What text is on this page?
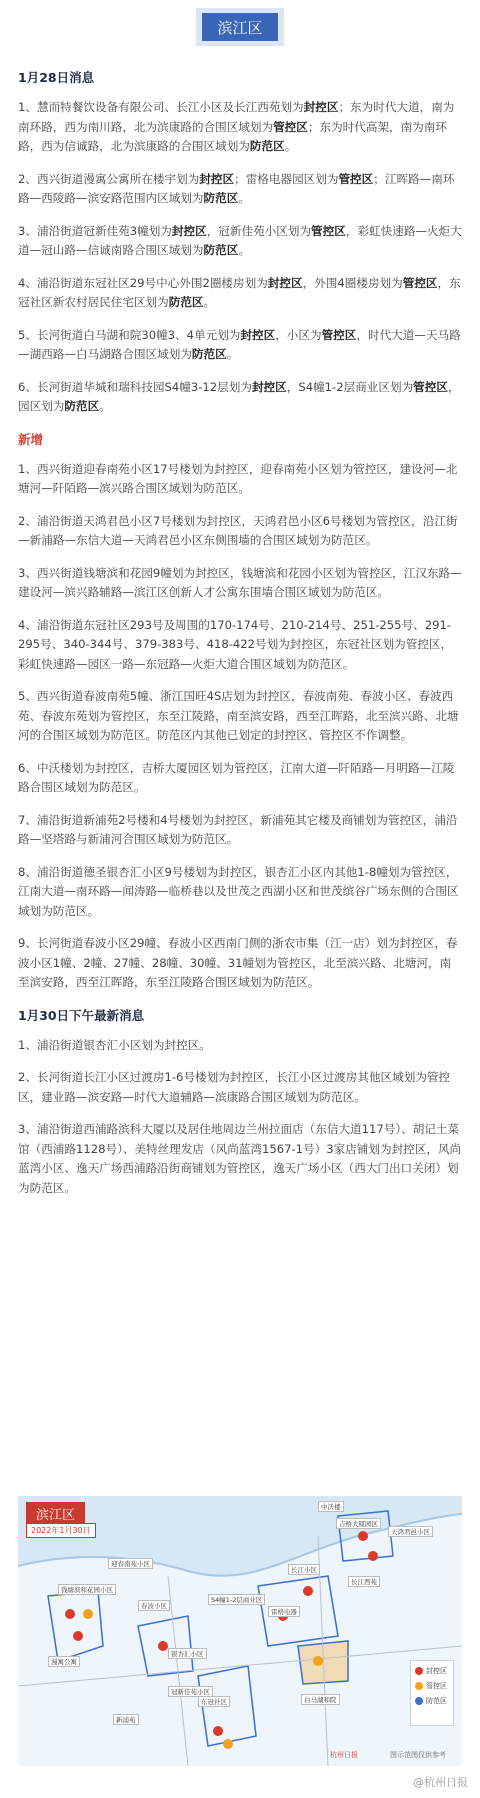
滨江区
1月28日消息

1、慧而特餐饮设备有限公司、长江小区及长江西苑划为封控区；东为时代大道，南为南环路，西为南川路，北为滨康路的合围区域划为管控区；东为时代高架，南为南环路，西为信诚路，北为滨康路的合围区域划为防范区。

2、西兴街道漫寓公寓所在楼宇划为封控区；雷格电器园区划为管控区；江晖路—南环路—西陵路—滨安路范围内区域划为防范区。

3、浦沿街道冠新佳苑3幢划为封控区，冠新佳苑小区划为管控区，彩虹快速路—火炬大道—冠山路—信诚南路合围区域划为防范区。

4、浦沿街道东冠社区29号中心外围2圈楼房划为封控区，外围4圈楼房划为管控区，东冠社区新农村居民住宅区划为防范区。

5、长河街道白马湖和院30幢3、4单元划为封控区，小区为管控区，时代大道—天马路—湖西路—白马湖路合围区域划为防范区。

6、长河街道华城和瑞科技园S4幢3-12层划为封控区，S4幢1-2层商业区划为管控区，园区划为防范区。

新增

1、西兴街道迎春南苑小区17号楼划为封控区，迎春南苑小区划为管控区，建设河—北塘河—阡陌路—滨兴路合围区域划为防范区。

2、浦沿街道天鸿君邑小区7号楼划为封控区，天鸿君邑小区6号楼划为管控区，沿江街—新浦路—东信大道—天鸿君邑小区东侧围墙的合围区域划为防范区。

3、西兴街道钱塘滨和花园9幢划为封控区，钱塘滨和花园小区划为管控区，江汉东路—建设河—滨兴路辅路—滨江区创新人才公寓东围墙合围区域划为防范区。

4、浦沿街道东冠社区293号及周围的170-174号、210-214号、251-255号、291-295号、340-344号、379-383号、418-422号划为封控区，东冠社区划为管控区，彩虹快速路—园区一路—东冠路—火炬大道合围区域划为防范区。

5、西兴街道春波南苑5幢、浙江国旺4S店划为封控区，春波南苑、春波小区、春波西苑、春波东苑划为管控区，东至江陵路，南至滨安路，西至江晖路，北至滨兴路、北塘河的合围区域划为防范区。防范区内其他已划定的封控区、管控区不作调整。

6、中沃楼划为封控区，吉桥大厦园区划为管控区，江南大道—阡陌路—月明路—江陵路合围区域划为防范区。

7、浦沿街道新浦苑2号楼和4号楼划为封控区，新浦苑其它楼及商铺划为管控区，浦沿路—坚塔路与新浦河合围区域划为防范区。

8、浦沿街道德圣银杏汇小区9号楼划为封控区，银杏汇小区内其他1-8幢划为管控区，江南大道—南环路—闻涛路—临桥巷以及世茂之西湖小区和世茂缤谷广场东侧的合围区域划为防范区。

9、长河街道春波小区29幢、春波小区西南门侧的浙农市集（江一店）划为封控区，春波小区1幢、2幢、27幢、28幢、30幢、31幢划为管控区，北至滨兴路、北塘河，南至滨安路，西至江晖路，东至江陵路合围区域划为防范区。

1月30日下午最新消息

1、浦沿街道银杏汇小区划为封控区。

2、长河街道长江小区过渡房1-6号楼划为封控区，长江小区过渡房其他区域划为管控区，建业路—滨安路—时代大道辅路—滨康路合围区域划为防范区。

3、浦沿街道西浦路滨科大厦以及居住地周边兰州拉面店（东信大道117号）、胡记土菜馆（西浦路1128号）、美特丝理发店（风尚蓝湾1567-1号）3家店铺划为封控区，风尚蓝湾小区、逸天广场西浦路沿街商铺划为管控区，逸天广场小区（西大门出口关闭）划为防范区。

滨江区
2022年1月30日
中沃楼
吉桥大厦园区
迎春南苑小区
钱塘滨和花园小区
漫寓公寓
S4幢1-2层商业区
春波小区
天鸿君邑小区
长江小区
长江西苑
雷格电器
冠新佳苑小区
东冠社区
新浦苑
银杏汇小区
白马湖和院
封控区
管控区
防范区
杭州日报	图示范围仅供参考
@杭州日报
